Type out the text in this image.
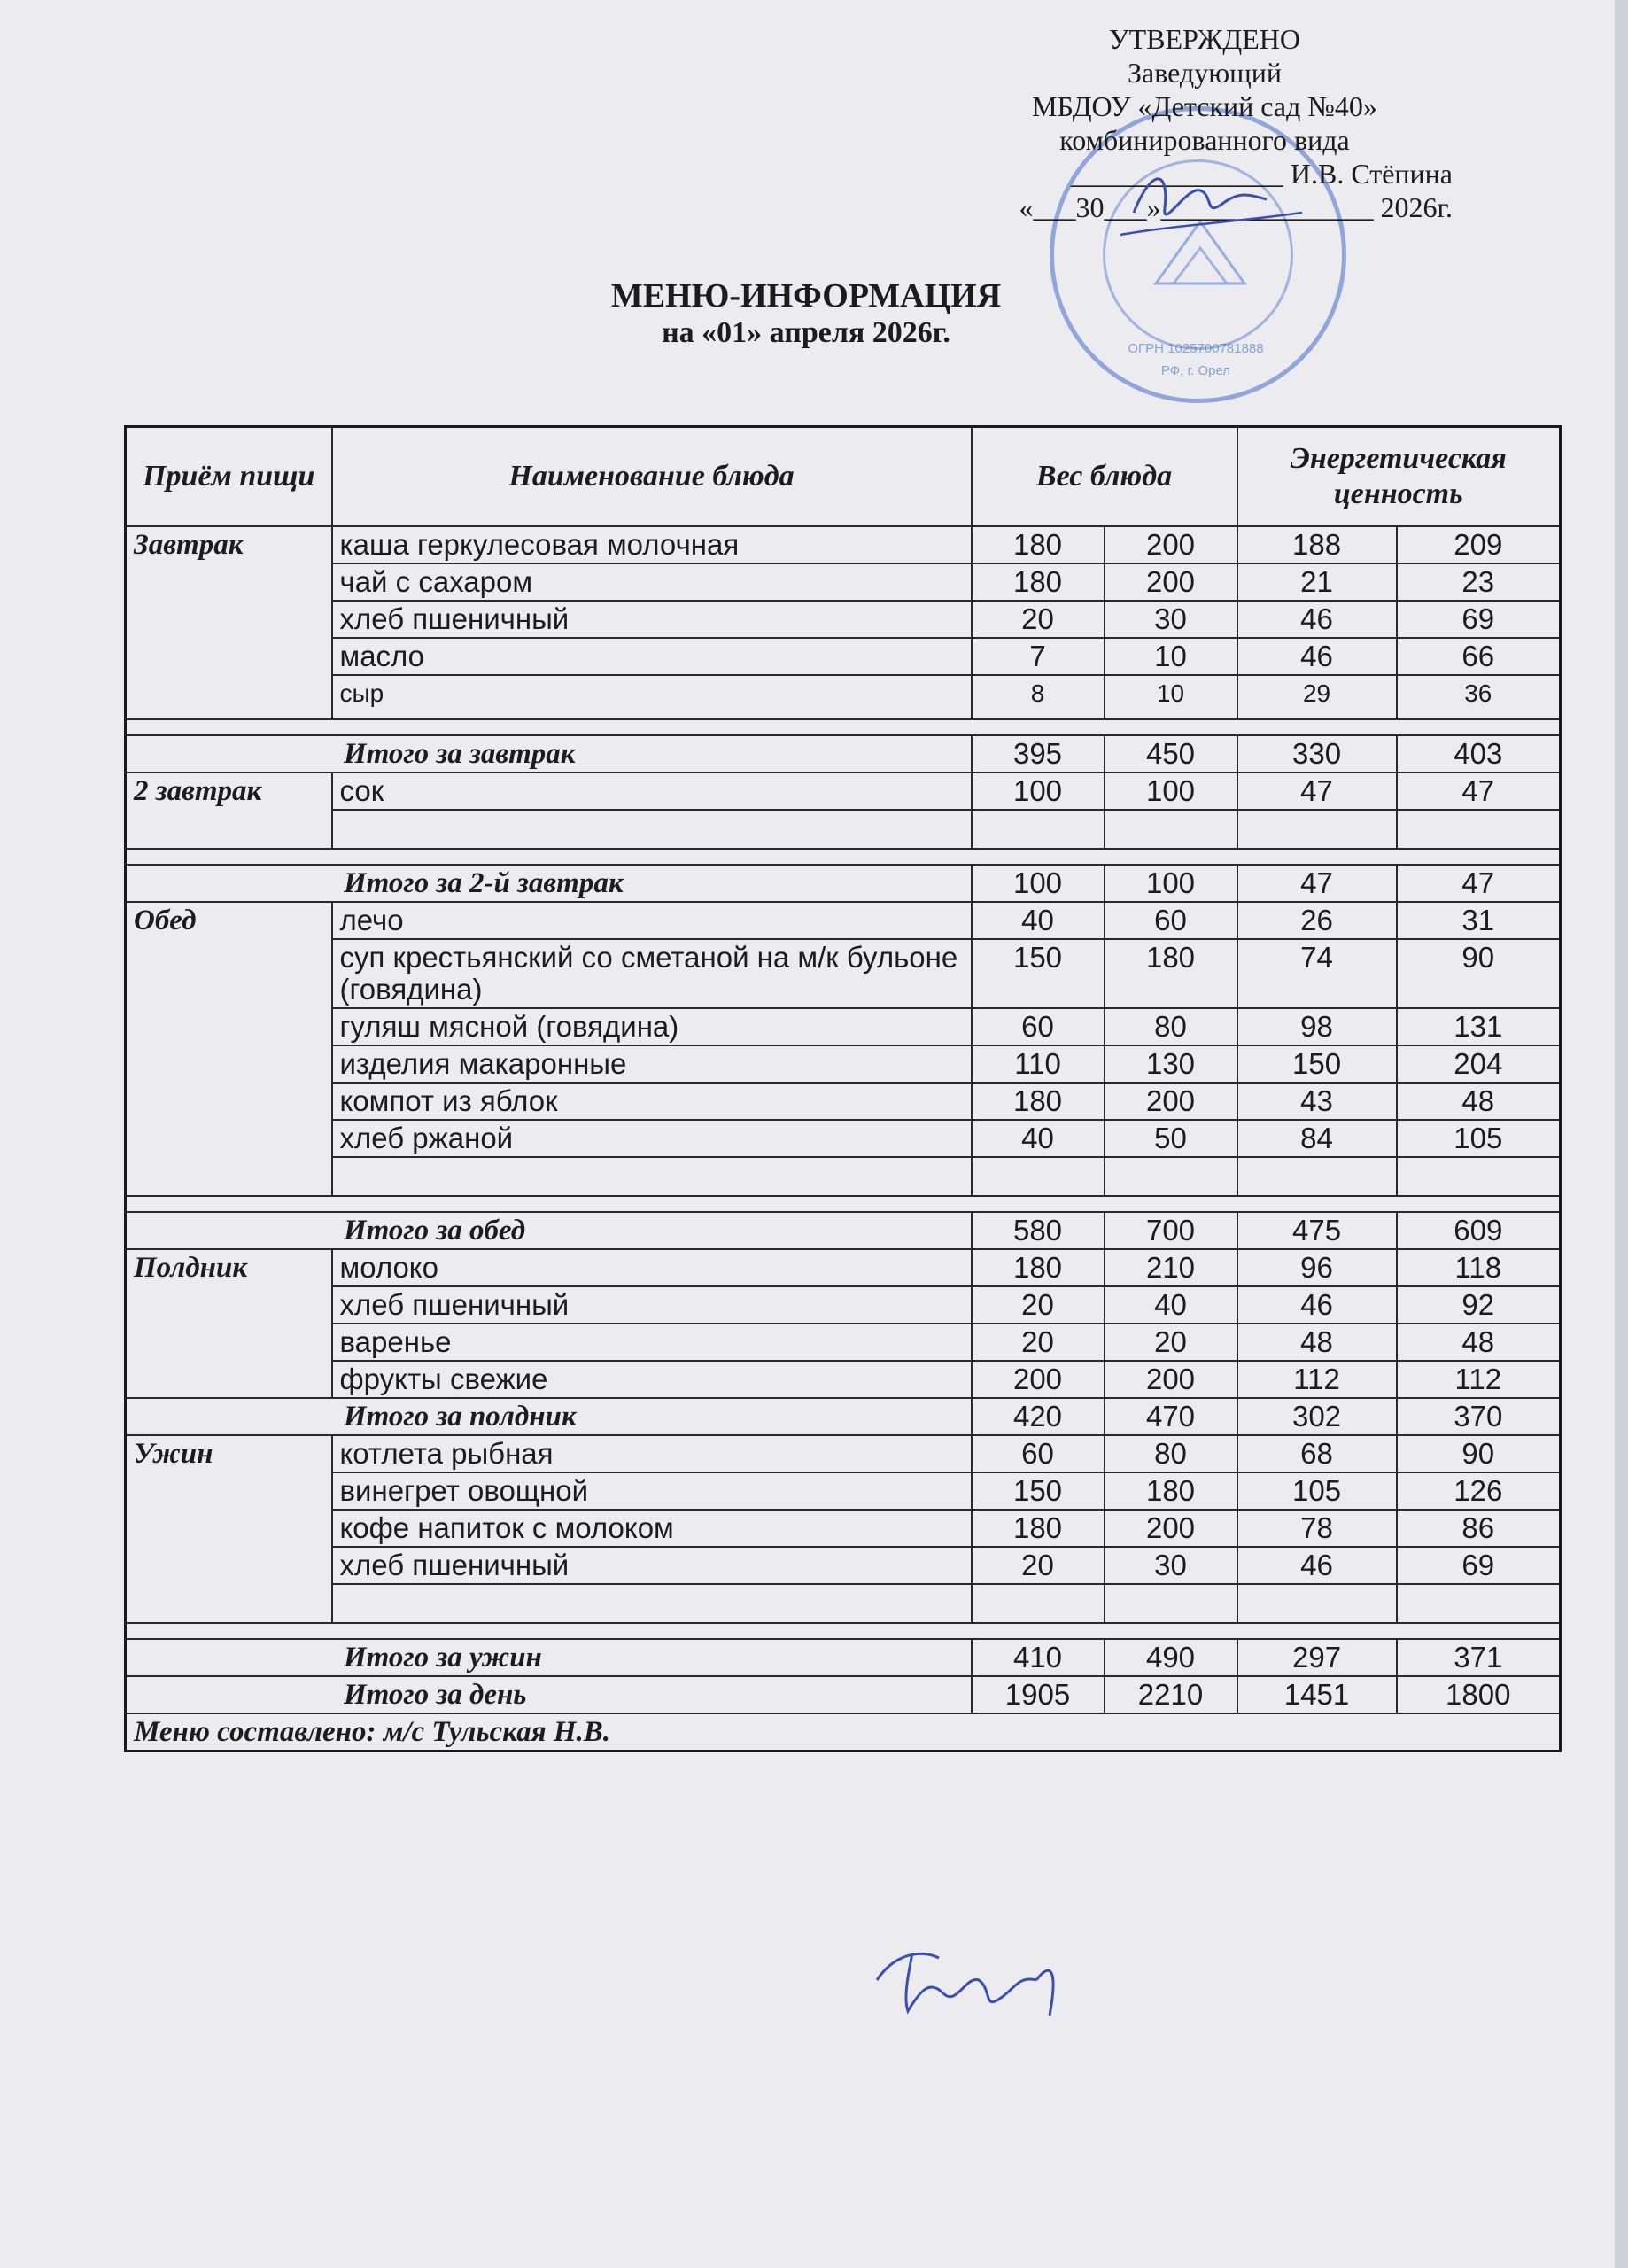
ОГРН 1025700781888
РФ, г. Орел
УТВЕРЖДЕНО
Заведующий
МБДОУ «Детский сад №40»
комбинированного вида
_______________ И.В. Стёпина
«___30___»_______________ 2026г.
МЕНЮ-ИНФОРМАЦИЯ
на «01» апреля 2026г.
Приём пищи	Наименование блюда	Вес блюда		Энергетическая ценность	
Завтрак	каша геркулесовая молочная	180	200	188	209
	чай с сахаром	180	200	21	23
	хлеб пшеничный	20	30	46	69
	масло	7	10	46	66
	сыр	8	10	29	36

Итого за завтрак		395	450	330	403
2 завтрак	сок	100	100	47	47

Итого за 2-й завтрак		100	100	47	47
Обед	лечо	40	60	26	31
	суп крестьянский со сметаной на м/к бульоне (говядина)	150	180	74	90
	гуляш мясной (говядина)	60	80	98	131
	изделия макаронные	110	130	150	204
	компот из яблок	180	200	43	48
	хлеб ржаной	40	50	84	105

Итого за обед		580	700	475	609
Полдник	молоко	180	210	96	118
	хлеб пшеничный	20	40	46	92
	варенье	20	20	48	48
	фрукты свежие	200	200	112	112
Итого за полдник		420	470	302	370
Ужин	котлета рыбная	60	80	68	90
	винегрет овощной	150	180	105	126
	кофе напиток с молоком	180	200	78	86
	хлеб пшеничный	20	30	46	69

Итого за ужин		410	490	297	371
Итого за день		1905	2210	1451	1800
Меню составлено: м/с Тульская Н.В.					
